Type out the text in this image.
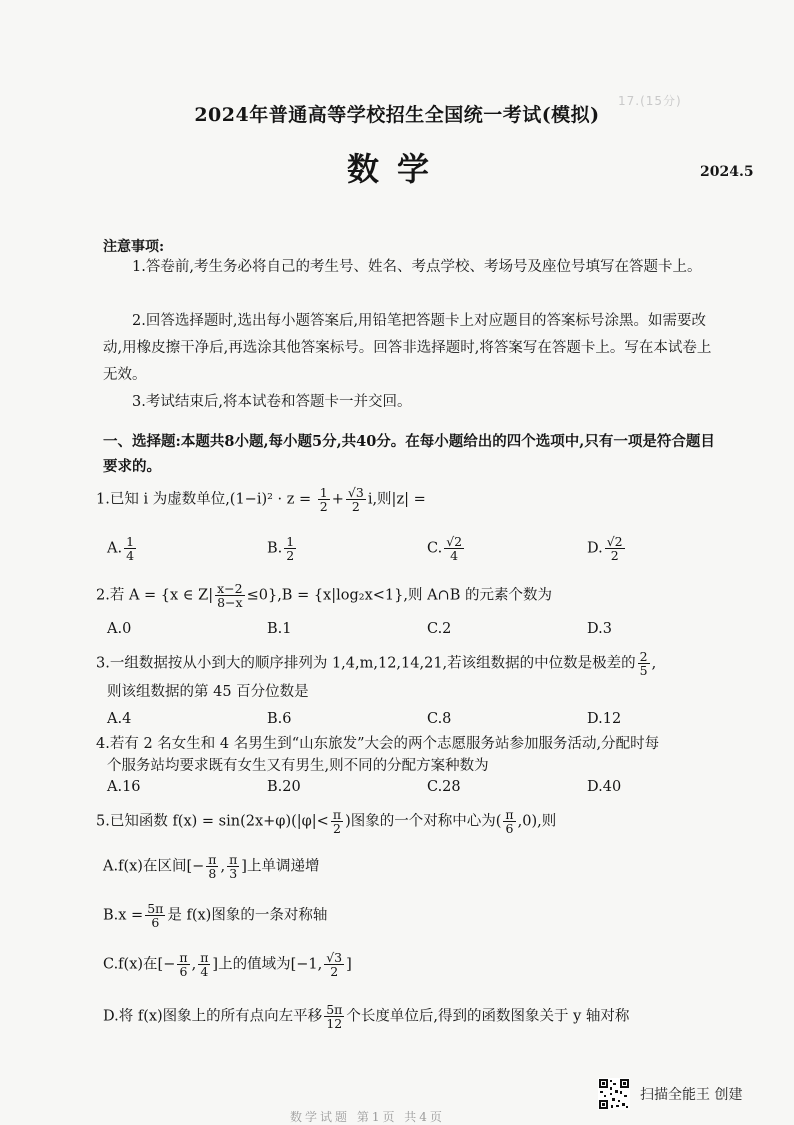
17.(15分)
2024年普通高等学校招生全国统一考试(模拟)
数学	2024.5
注意事项:
1.答卷前,考生务必将自己的考生号、姓名、考点学校、考场号及座位号填写在答题卡上。
2.回答选择题时,选出每小题答案后,用铅笔把答题卡上对应题目的答案标号涂黑。如需要改动,用橡皮擦干净后,再选涂其他答案标号。回答非选择题时,将答案写在答题卡上。写在本试卷上无效。
3.考试结束后,将本试卷和答题卡一并交回。
一、选择题:本题共8小题,每小题5分,共40分。在每小题给出的四个选项中,只有一项是符合题目要求的。
1.已知 i 为虚数单位$,(1-i)^2 \cdot z = \frac{1}{2} + \frac{√3}{2} i$,则|z| =
A. $\frac{1}{4}$	B. $\frac{1}{2}$	C. $\frac{√2}{4}$	D. $\frac{√2}{2}$
2.若 A = {x ∈ $Z| \frac{x-2}{8-x} \le 0\},B = \{x|\log_2x<1\}$,则 A∩B 的元素个数为
A.0	B.1	C.2	D.3
3.一组数据按从小到大的顺序排列为 1,4,m,12,14,21,若该组数据的中位数是极差的 $\frac{2}{5}$ ,
则该组数据的第 45 百分位数是
A.4	B.6	C.8	D.12
4.若有 2 名女生和 4 名男生到“山东旅发”大会的两个志愿服务站参加服务活动,分配时每
个服务站均要求既有女生又有男生,则不同的分配方案种数为
A.16	B.20	C.28	D.40
5.已知函数 $f(x) = \sin(2x+\varphi)(|\varphi|< \frac{\pi}{2}$ )图象的一个对称中心为( $\frac{\pi}{6} ,0$),则
A.f(x)在区间[− $\frac{\pi}{8}$ , $\frac{\pi}{3}$ ]上单调递增
$B.x = \frac{5\pi}{6}$ 是 f(x)图象的一条对称轴
C.f(x)在[− $\frac{\pi}{6}$ , $\frac{\pi}{4}$ ]上的值域为[−1, $\frac{√3}{2}$ ]
D.将 f(x)图象上的所有点向左平移 $\frac{5\pi}{12}$ 个长度单位后,得到的函数图象关于 y 轴对称
数学试题 第1页 共4页
扫描全能王 创建
